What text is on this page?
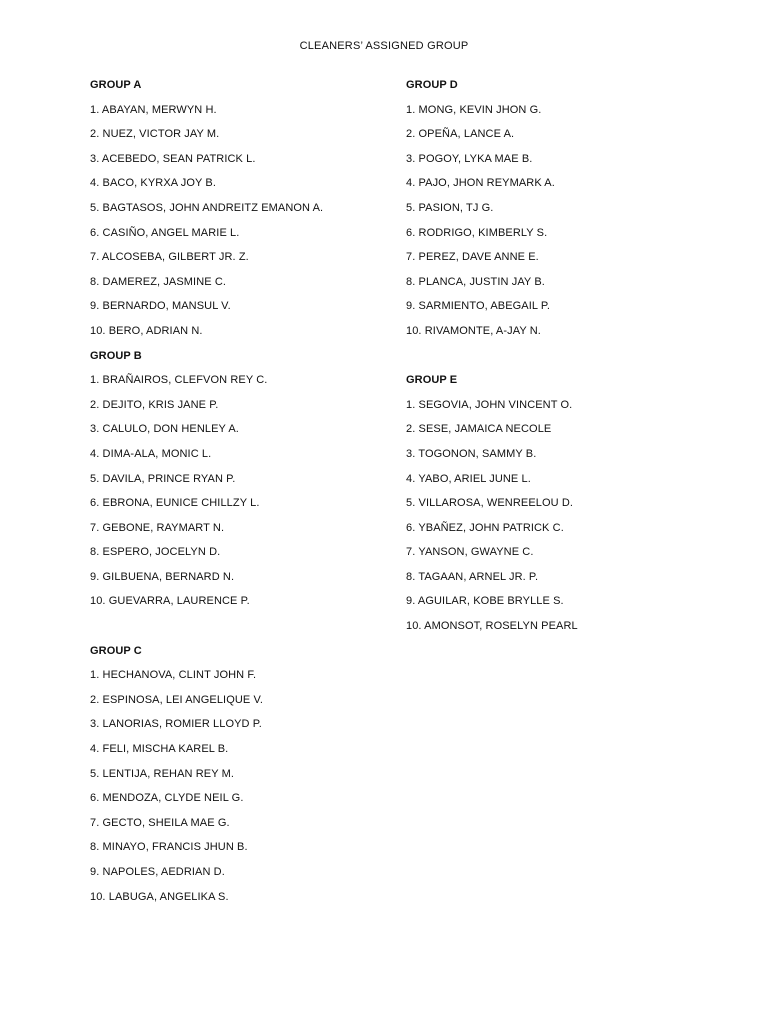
CLEANERS’ ASSIGNED GROUP
GROUP A
1. ABAYAN, MERWYN H.
2. NUEZ, VICTOR JAY M.
3. ACEBEDO, SEAN PATRICK L.
4. BACO, KYRXA JOY B.
5. BAGTASOS, JOHN ANDREITZ EMANON A.
6. CASIÑO, ANGEL MARIE L.
7. ALCOSEBA, GILBERT JR. Z.
8. DAMEREZ, JASMINE C.
9. BERNARDO, MANSUL V.
10. BERO, ADRIAN N.
GROUP B
1. BRAÑAIROS, CLEFVON REY C.
2. DEJITO, KRIS JANE P.
3. CALULO, DON HENLEY A.
4. DIMA-ALA, MONIC L.
5. DAVILA, PRINCE RYAN P.
6. EBRONA, EUNICE CHILLZY L.
7. GEBONE, RAYMART N.
8. ESPERO, JOCELYN D.
9. GILBUENA, BERNARD N.
10. GUEVARRA, LAURENCE P.
GROUP C
1. HECHANOVA, CLINT JOHN F.
2. ESPINOSA, LEI ANGELIQUE V.
3. LANORIAS, ROMIER LLOYD P.
4. FELI, MISCHA KAREL B.
5. LENTIJA, REHAN REY M.
6. MENDOZA, CLYDE NEIL G.
7. GECTO, SHEILA MAE G.
8. MINAYO, FRANCIS JHUN B.
9. NAPOLES, AEDRIAN D.
10. LABUGA, ANGELIKA S.
GROUP D
1. MONG, KEVIN JHON G.
2. OPEÑA, LANCE A.
3. POGOY, LYKA MAE B.
4. PAJO, JHON REYMARK A.
5. PASION, TJ G.
6. RODRIGO, KIMBERLY S.
7. PEREZ, DAVE ANNE E.
8. PLANCA, JUSTIN JAY B.
9. SARMIENTO, ABEGAIL P.
10. RIVAMONTE, A-JAY N.
GROUP E
1. SEGOVIA, JOHN VINCENT O.
2. SESE, JAMAICA NECOLE
3. TOGONON, SAMMY B.
4. YABO, ARIEL JUNE L.
5. VILLAROSA, WENREELOU D.
6. YBAÑEZ, JOHN PATRICK C.
7. YANSON, GWAYNE C.
8. TAGAAN, ARNEL JR. P.
9. AGUILAR, KOBE BRYLLE S.
10. AMONSOT, ROSELYN PEARL
